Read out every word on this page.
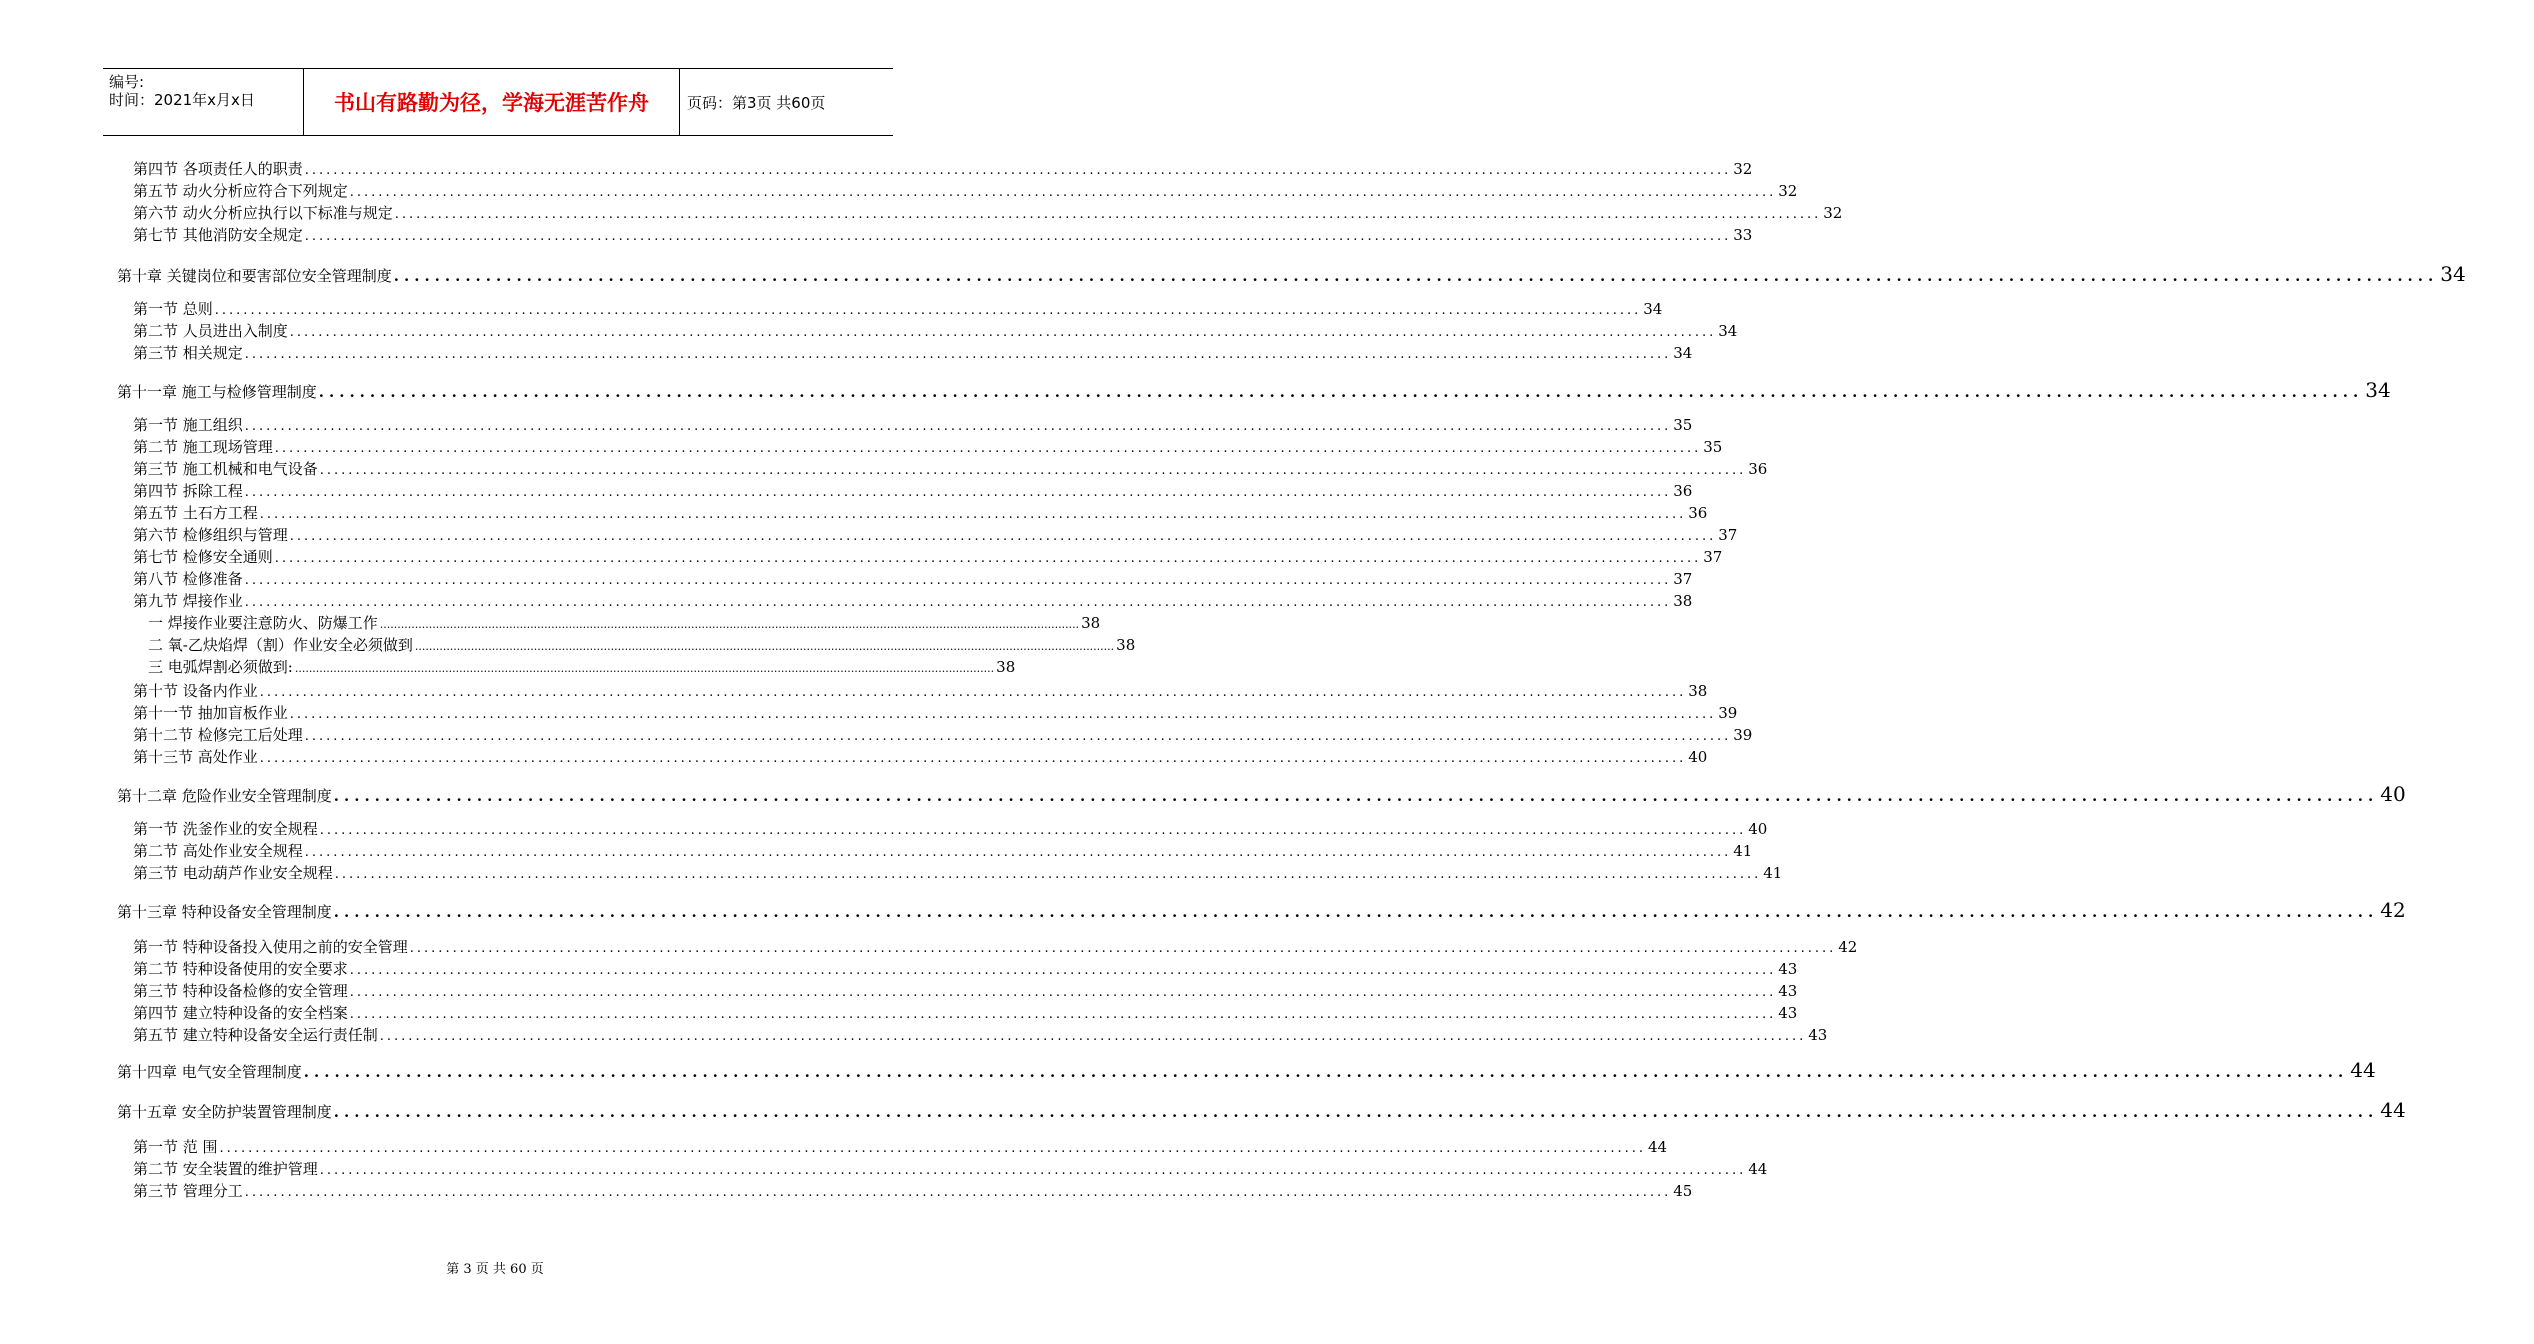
编号:
时间：2021年x月x日	书山有路勤为径，学海无涯苦作舟	页码：第3页 共60页
第四节 各项责任人的职责 ........................................................................................................................................................................................................ 32
第五节 动火分析应符合下列规定 ........................................................................................................................................................................................................ 32
第六节 动火分析应执行以下标准与规定 ........................................................................................................................................................................................................ 32
第七节 其他消防安全规定 ........................................................................................................................................................................................................ 33
第十章 关键岗位和要害部位安全管理制度 ........................................................................................................................................................................................................ 34
第一节 总则 ........................................................................................................................................................................................................ 34
第二节 人员进出入制度 ........................................................................................................................................................................................................ 34
第三节 相关规定 ........................................................................................................................................................................................................ 34
第十一章 施工与检修管理制度 ........................................................................................................................................................................................................ 34
第一节 施工组织 ........................................................................................................................................................................................................ 35
第二节 施工现场管理 ........................................................................................................................................................................................................ 35
第三节 施工机械和电气设备 ........................................................................................................................................................................................................ 36
第四节 拆除工程 ........................................................................................................................................................................................................ 36
第五节 土石方工程 ........................................................................................................................................................................................................ 36
第六节 检修组织与管理 ........................................................................................................................................................................................................ 37
第七节 检修安全通则 ........................................................................................................................................................................................................ 37
第八节 检修准备 ........................................................................................................................................................................................................ 37
第九节 焊接作业 ........................................................................................................................................................................................................ 38
一 焊接作业要注意防火、防爆工作 ........................................................................................................................................................................................................ 38
二 氧-乙炔焰焊（割）作业安全必须做到 ........................................................................................................................................................................................................ 38
三 电弧焊割必须做到: ........................................................................................................................................................................................................ 38
第十节 设备内作业 ........................................................................................................................................................................................................ 38
第十一节 抽加盲板作业 ........................................................................................................................................................................................................ 39
第十二节 检修完工后处理 ........................................................................................................................................................................................................ 39
第十三节 高处作业 ........................................................................................................................................................................................................ 40
第十二章 危险作业安全管理制度 ........................................................................................................................................................................................................ 40
第一节 洗釜作业的安全规程 ........................................................................................................................................................................................................ 40
第二节 高处作业安全规程 ........................................................................................................................................................................................................ 41
第三节 电动葫芦作业安全规程 ........................................................................................................................................................................................................ 41
第十三章 特种设备安全管理制度 ........................................................................................................................................................................................................ 42
第一节 特种设备投入使用之前的安全管理 ........................................................................................................................................................................................................ 42
第二节 特种设备使用的安全要求 ........................................................................................................................................................................................................ 43
第三节 特种设备检修的安全管理 ........................................................................................................................................................................................................ 43
第四节 建立特种设备的安全档案 ........................................................................................................................................................................................................ 43
第五节 建立特种设备安全运行责任制 ........................................................................................................................................................................................................ 43
第十四章 电气安全管理制度 ........................................................................................................................................................................................................ 44
第十五章 安全防护装置管理制度 ........................................................................................................................................................................................................ 44
第一节 范 围 ........................................................................................................................................................................................................ 44
第二节 安全装置的维护管理 ........................................................................................................................................................................................................ 44
第三节 管理分工 ........................................................................................................................................................................................................ 45
第 3 页 共 60 页
